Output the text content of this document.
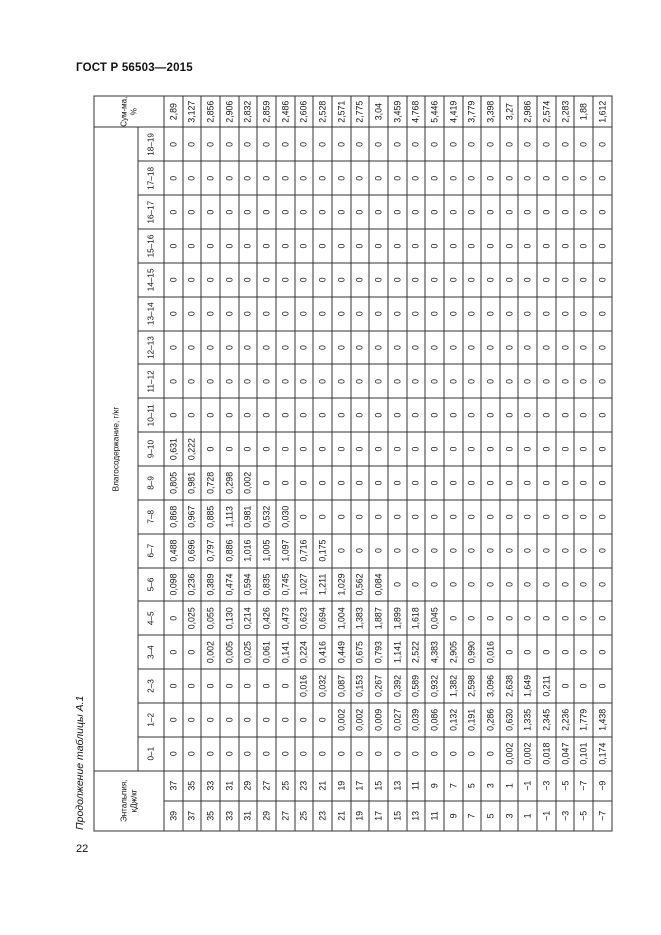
ГОСТ Р 56503—2015
Продолжение таблицы А.1	Энтальпия, кДж/кг		Влагосодержание, г/кг																			Сум-ма, %
		0–1	1–2	2–3	3–4	4–5	5–6	6–7	7–8	8–9	9–10	10–11	11–12	12–13	13–14	14–15	15–16	16–17	17–18	18–19	
39	37	0	0	0	0	0	0,098	0,488	0,868	0,805	0,631	0	0	0	0	0	0	0	0	0	2,89
37	35	0	0	0	0	0,025	0,236	0,696	0,967	0,981	0,222	0	0	0	0	0	0	0	0	0	3,127
35	33	0	0	0	0,002	0,055	0,389	0,797	0,885	0,728	0	0	0	0	0	0	0	0	0	0	2,856
33	31	0	0	0	0,005	0,130	0,474	0,886	1,113	0,298	0	0	0	0	0	0	0	0	0	0	2,906
31	29	0	0	0	0,025	0,214	0,594	1,016	0,981	0,002	0	0	0	0	0	0	0	0	0	0	2,832
29	27	0	0	0	0,061	0,426	0,835	1,005	0,532	0	0	0	0	0	0	0	0	0	0	0	2,859
27	25	0	0	0	0,141	0,473	0,745	1,097	0,030	0	0	0	0	0	0	0	0	0	0	0	2,486
25	23	0	0	0,016	0,224	0,623	1,027	0,716	0	0	0	0	0	0	0	0	0	0	0	0	2,606
23	21	0	0	0,032	0,416	0,694	1,211	0,175	0	0	0	0	0	0	0	0	0	0	0	0	2,528
21	19	0	0,002	0,087	0,449	1,004	1,029	0	0	0	0	0	0	0	0	0	0	0	0	0	2,571
19	17	0	0,002	0,153	0,675	1,383	0,562	0	0	0	0	0	0	0	0	0	0	0	0	0	2,775
17	15	0	0,009	0,267	0,793	1,887	0,084	0	0	0	0	0	0	0	0	0	0	0	0	0	3,04
15	13	0	0,027	0,392	1,141	1,899	0	0	0	0	0	0	0	0	0	0	0	0	0	0	3,459
13	11	0	0,039	0,589	2,522	1,618	0	0	0	0	0	0	0	0	0	0	0	0	0	0	4,768
11	9	0	0,086	0,932	4,383	0,045	0	0	0	0	0	0	0	0	0	0	0	0	0	0	5,446
9	7	0	0,132	1,382	2,905	0	0	0	0	0	0	0	0	0	0	0	0	0	0	0	4,419
7	5	0	0,191	2,598	0,990	0	0	0	0	0	0	0	0	0	0	0	0	0	0	0	3,779
5	3	0	0,286	3,096	0,016	0	0	0	0	0	0	0	0	0	0	0	0	0	0	0	3,398
3	1	0,002	0,630	2,638	0	0	0	0	0	0	0	0	0	0	0	0	0	0	0	0	3,27
1	−1	0,002	1,335	1,649	0	0	0	0	0	0	0	0	0	0	0	0	0	0	0	0	2,986
−1	−3	0,018	2,345	0,211	0	0	0	0	0	0	0	0	0	0	0	0	0	0	0	0	2,574
−3	−5	0,047	2,236	0	0	0	0	0	0	0	0	0	0	0	0	0	0	0	0	0	2,283
−5	−7	0,101	1,779	0	0	0	0	0	0	0	0	0	0	0	0	0	0	0	0	0	1,88
−7	−9	0,174	1,438	0	0	0	0	0	0	0	0	0	0	0	0	0	0	0	0	0	1,612
22
